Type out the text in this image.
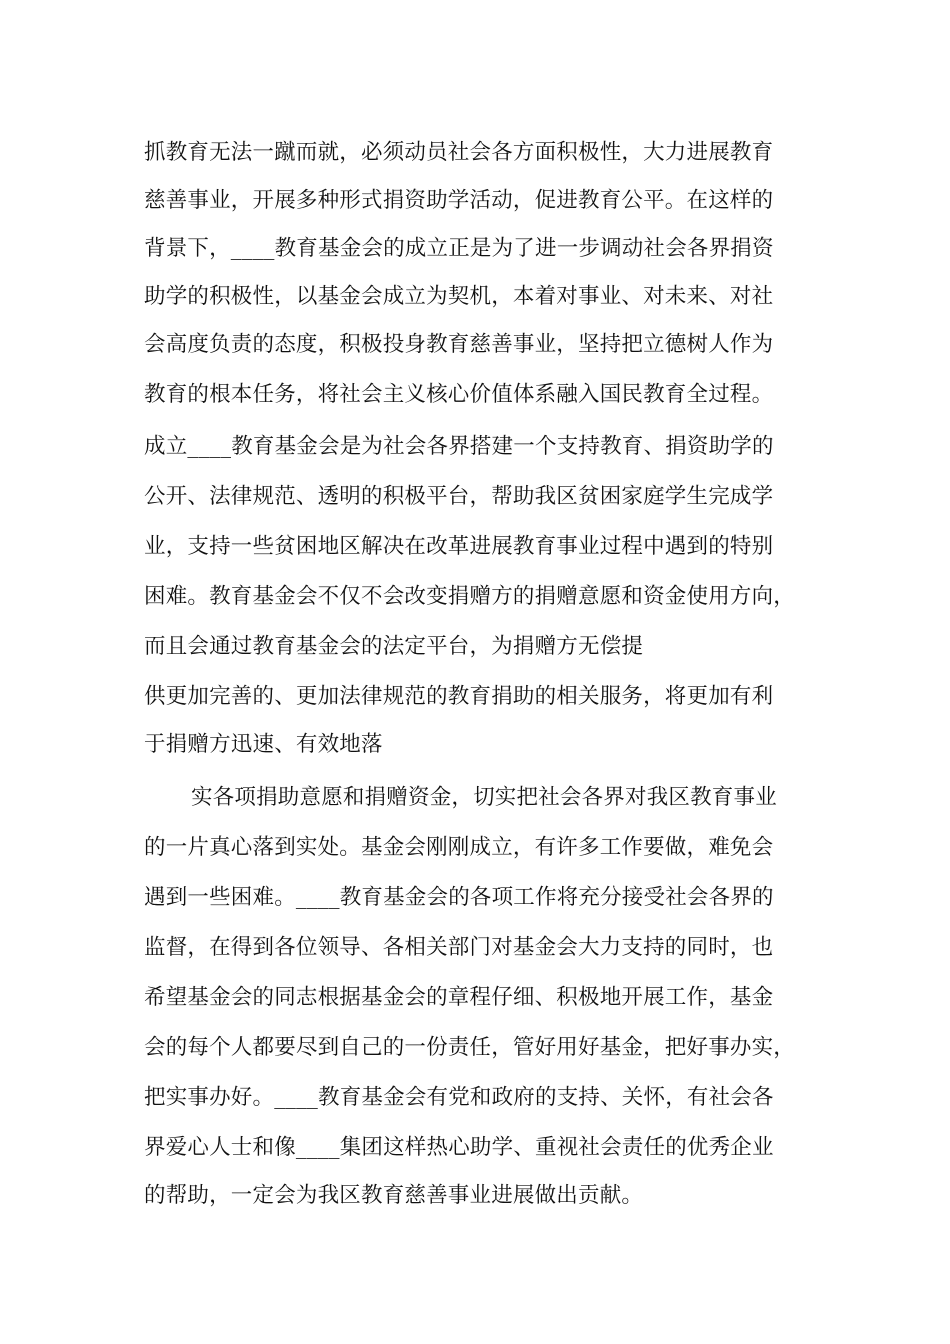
抓教育无法一蹴而就，必须动员社会各方面积极性，大力进展教育
慈善事业，开展多种形式捐资助学活动，促进教育公平。在这样的
背景下，____教育基金会的成立正是为了进一步调动社会各界捐资
助学的积极性，以基金会成立为契机，本着对事业、对未来、对社
会高度负责的态度，积极投身教育慈善事业，坚持把立德树人作为
教育的根本任务，将社会主义核心价值体系融入国民教育全过程。
成立____教育基金会是为社会各界搭建一个支持教育、捐资助学的
公开、法律规范、透明的积极平台，帮助我区贫困家庭学生完成学
业，支持一些贫困地区解决在改革进展教育事业过程中遇到的特别
困难。教育基金会不仅不会改变捐赠方的捐赠意愿和资金使用方向，
而且会通过教育基金会的法定平台，为捐赠方无偿提
供更加完善的、更加法律规范的教育捐助的相关服务，将更加有利
于捐赠方迅速、有效地落
实各项捐助意愿和捐赠资金，切实把社会各界对我区教育事业
的一片真心落到实处。基金会刚刚成立，有许多工作要做，难免会
遇到一些困难。____教育基金会的各项工作将充分接受社会各界的
监督，在得到各位领导、各相关部门对基金会大力支持的同时，也
希望基金会的同志根据基金会的章程仔细、积极地开展工作，基金
会的每个人都要尽到自己的一份责任，管好用好基金，把好事办实，
把实事办好。____教育基金会有党和政府的支持、关怀，有社会各
界爱心人士和像____集团这样热心助学、重视社会责任的优秀企业
的帮助，一定会为我区教育慈善事业进展做出贡献。
